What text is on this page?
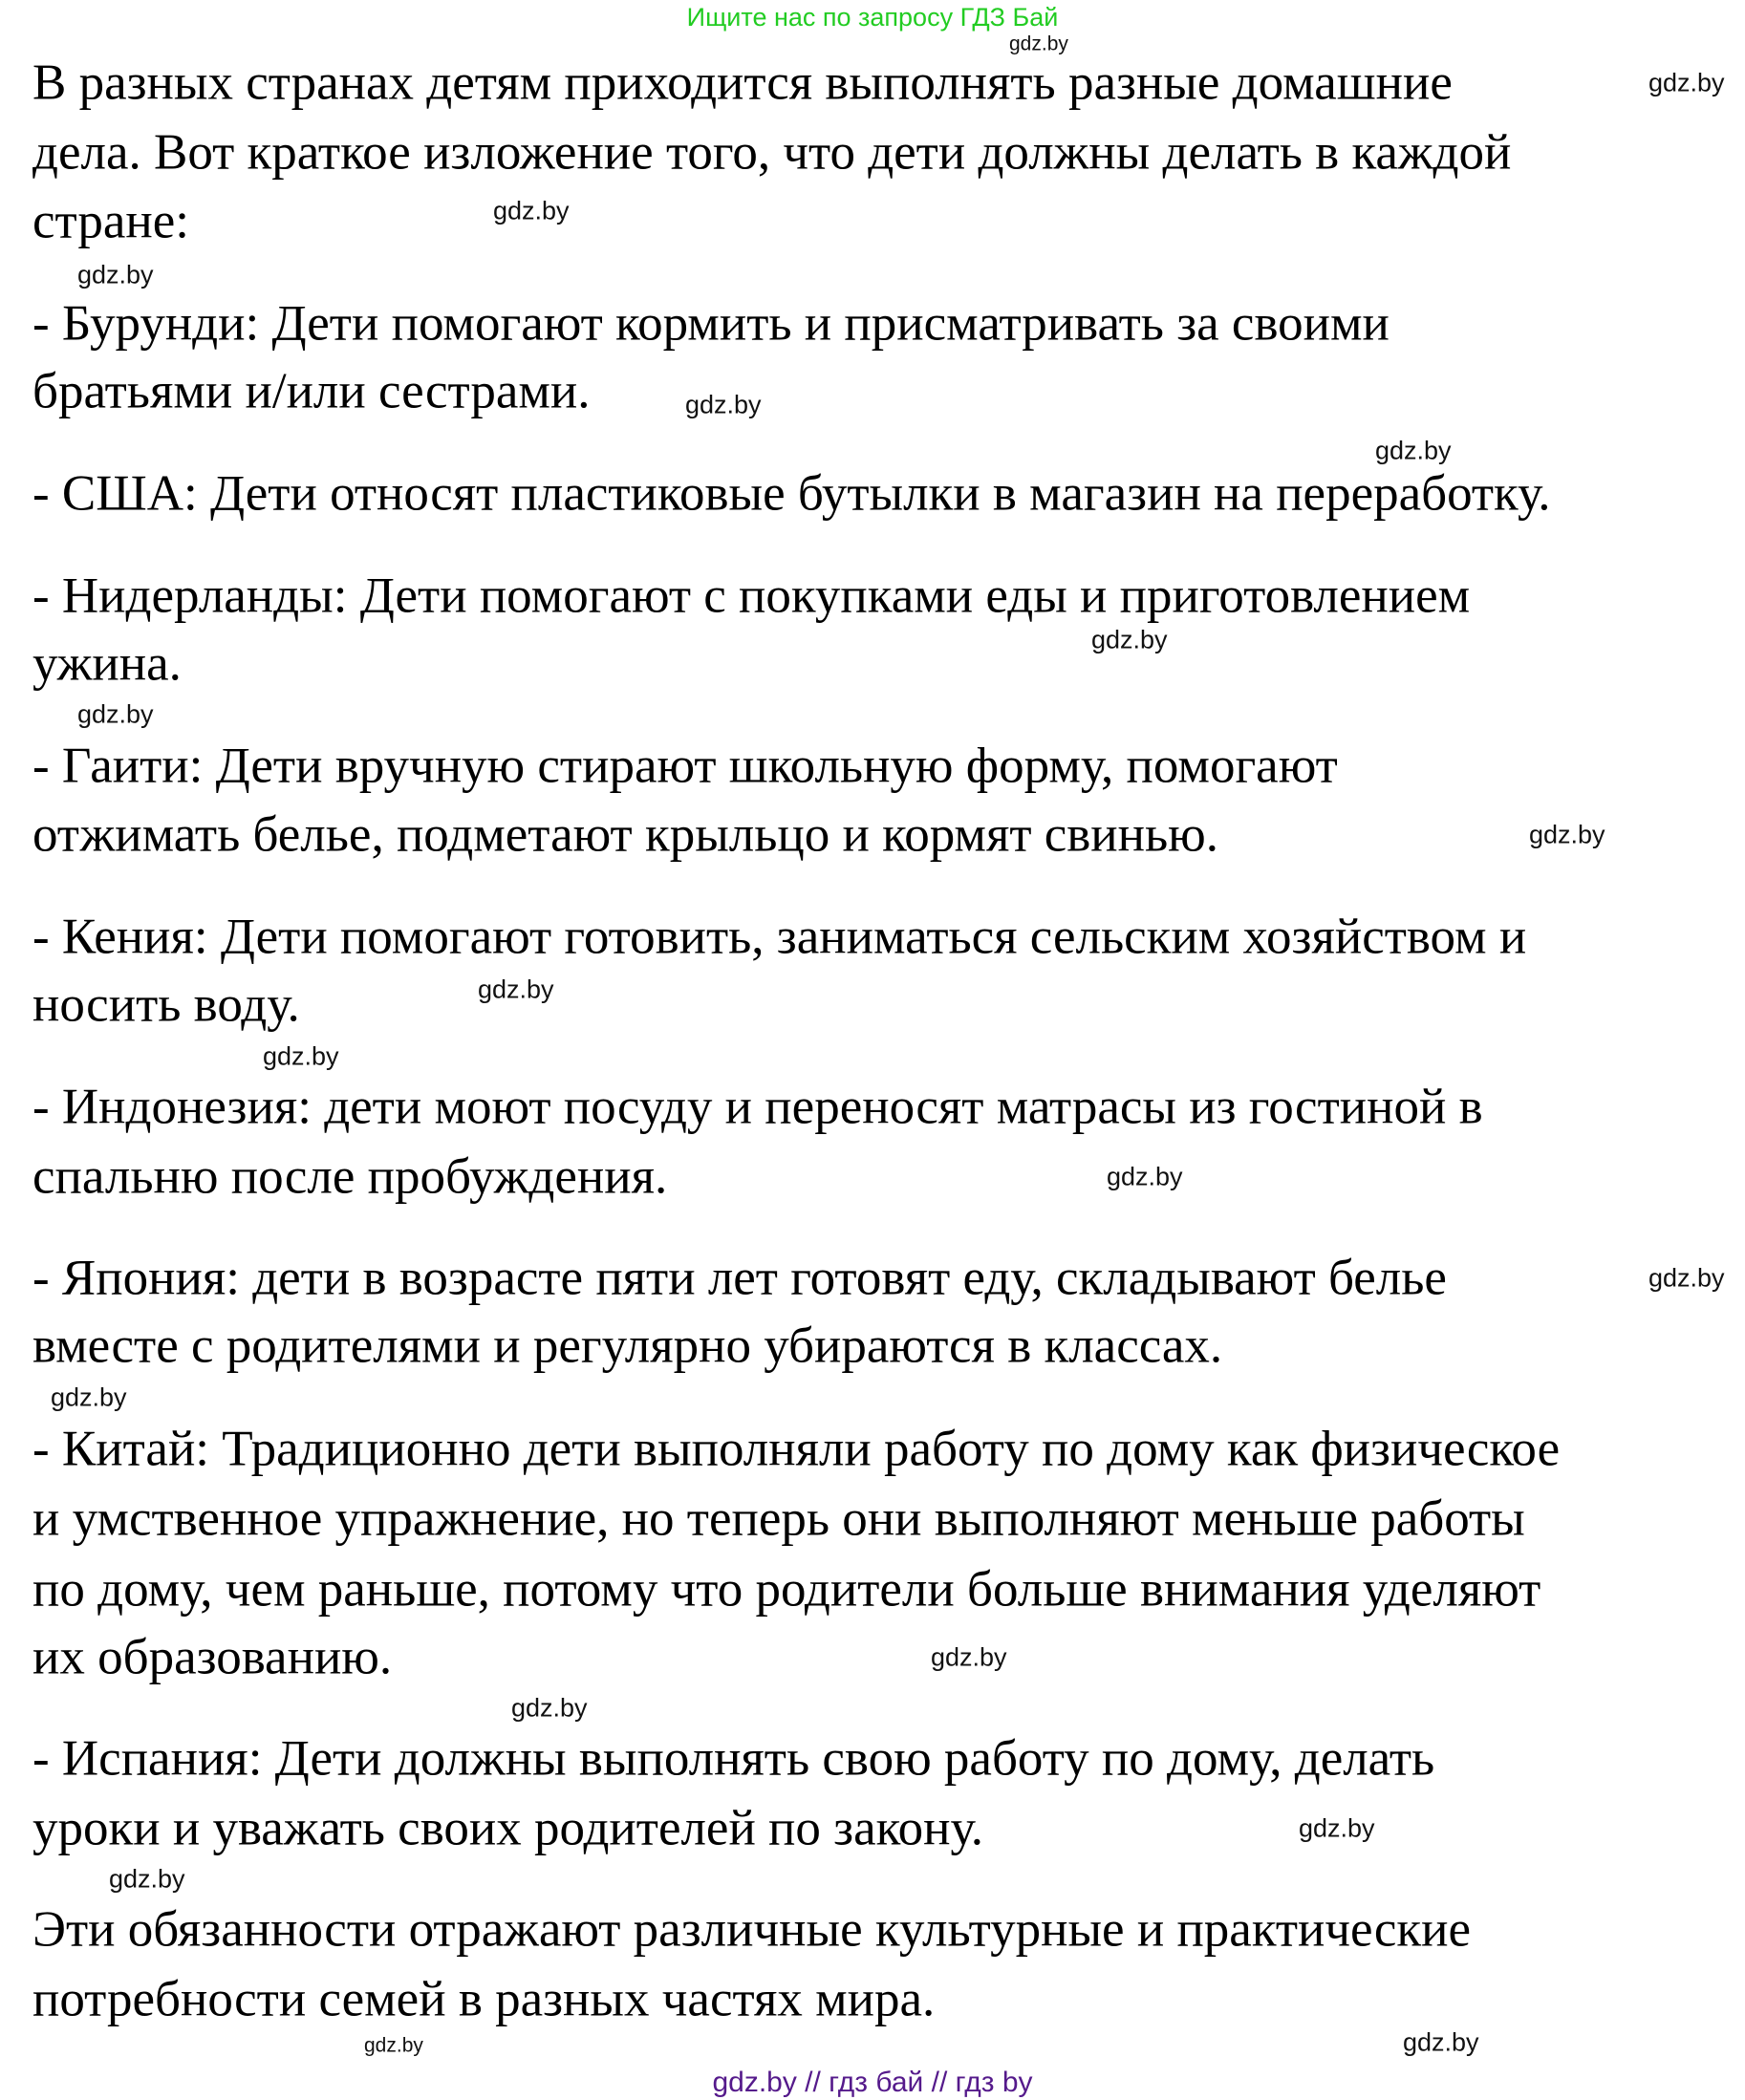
Ищите нас по запросу ГДЗ Бай
В разных странах детям приходится выполнять разные домашние
дела. Вот краткое изложение того, что дети должны делать в каждой
стране:
- Бурунди: Дети помогают кормить и присматривать за своими
братьями и/или сестрами.
- США: Дети относят пластиковые бутылки в магазин на переработку.
- Нидерланды: Дети помогают с покупками еды и приготовлением
ужина.
- Гаити: Дети вручную стирают школьную форму, помогают
отжимать белье, подметают крыльцо и кормят свинью.
- Кения: Дети помогают готовить, заниматься сельским хозяйством и
носить воду.
- Индонезия: дети моют посуду и переносят матрасы из гостиной в
спальню после пробуждения.
- Япония: дети в возрасте пяти лет готовят еду, складывают белье
вместе с родителями и регулярно убираются в классах.
- Китай: Традиционно дети выполняли работу по дому как физическое
и умственное упражнение, но теперь они выполняют меньше работы
по дому, чем раньше, потому что родители больше внимания уделяют
их образованию.
- Испания: Дети должны выполнять свою работу по дому, делать
уроки и уважать своих родителей по закону.
Эти обязанности отражают различные культурные и практические
потребности семей в разных частях мира.
gdz.by
gdz.by
gdz.by
gdz.by
gdz.by
gdz.by
gdz.by
gdz.by
gdz.by
gdz.by
gdz.by
gdz.by
gdz.by
gdz.by
gdz.by
gdz.by
gdz.by
gdz.by
gdz.by	gdz.by
gdz.by // гдз бай // гдз by
